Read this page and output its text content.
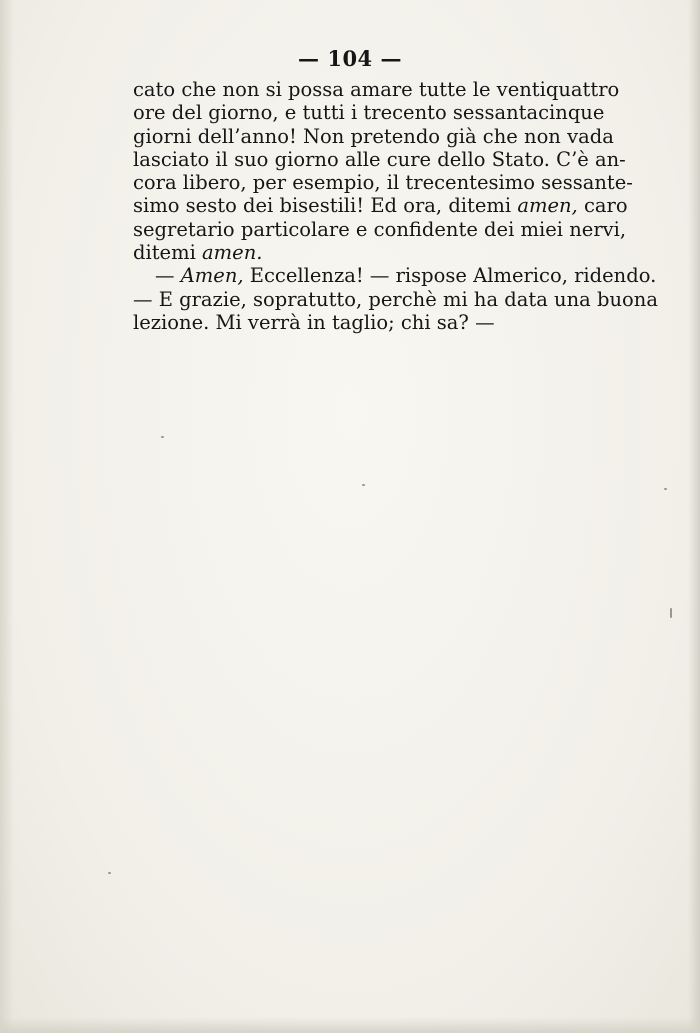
— 104 —
cato che non si possa amare tutte le ventiquattro
ore del giorno, e tutti i trecento sessantacinque
giorni dell’anno! Non pretendo già che non vada
lasciato il suo giorno alle cure dello Stato. C’è an-
cora libero, per esempio, il trecentesimo sessante-
simo sesto dei bisestili! Ed ora, ditemi amen, caro
segretario particolare e confidente dei miei nervi,
ditemi amen.
— Amen, Eccellenza! — rispose Almerico, ridendo.
— E grazie, sopratutto, perchè mi ha data una buona
lezione. Mi verrà in taglio; chi sa? —
